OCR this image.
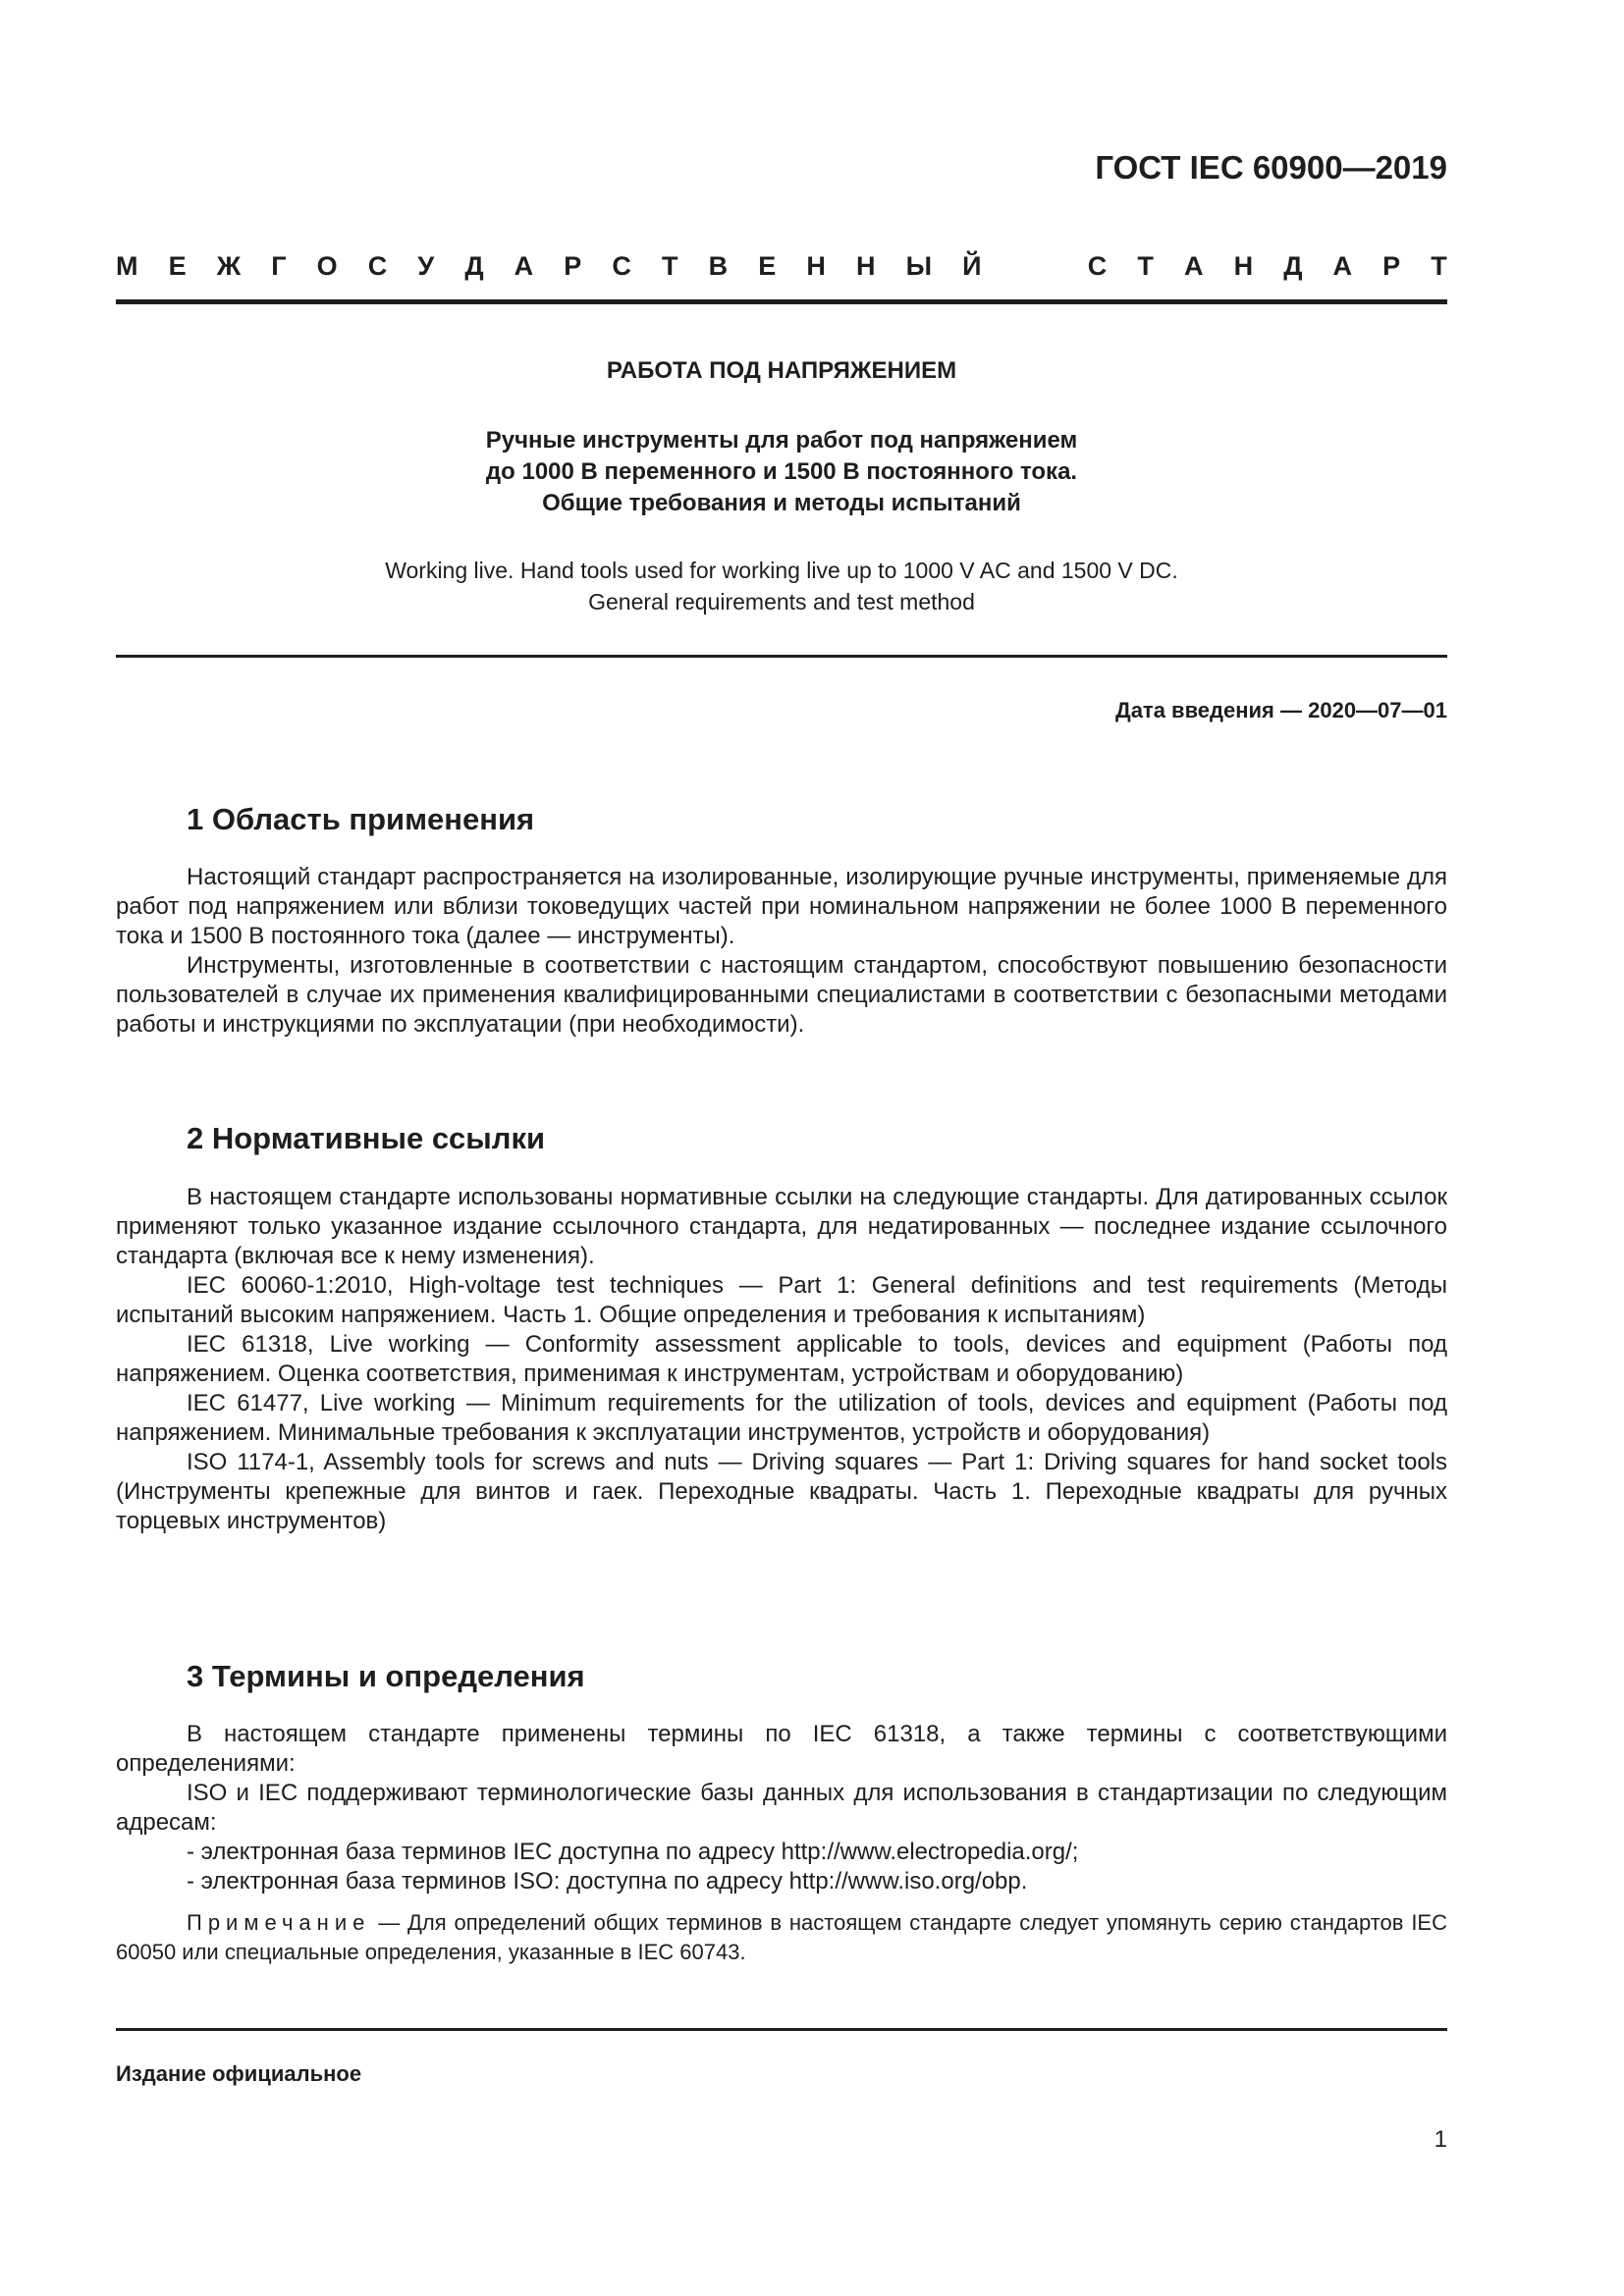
ГОСТ IEC 60900—2019
М Е Ж Г О С У Д А Р С Т В Е Н Н Ы Й	С Т А Н Д А Р Т
РАБОТА ПОД НАПРЯЖЕНИЕМ
Ручные инструменты для работ под напряжением
до 1000 В переменного и 1500 В постоянного тока.
Общие требования и методы испытаний
Working live. Hand tools used for working live up to 1000 V AC and 1500 V DC.
General requirements and test method
Дата введения — 2020—07—01
1 Область применения

Настоящий стандарт распространяется на изолированные, изолирующие ручные инструменты, применяемые для работ под напряжением или вблизи токоведущих частей при номинальном напряжении не более 1000 В переменного тока и 1500 В постоянного тока (далее — инструменты).

Инструменты, изготовленные в соответствии с настоящим стандартом, способствуют повышению безопасности пользователей в случае их применения квалифицированными специалистами в соответствии с безопасными методами работы и инструкциями по эксплуатации (при необходимости).

2 Нормативные ссылки

В настоящем стандарте использованы нормативные ссылки на следующие стандарты. Для датированных ссылок применяют только указанное издание ссылочного стандарта, для недатированных — последнее издание ссылочного стандарта (включая все к нему изменения).

IEC 60060-1:2010, High-voltage test techniques — Part 1: General definitions and test requirements (Методы испытаний высоким напряжением. Часть 1. Общие определения и требования к испытаниям)

IEC 61318, Live working — Conformity assessment applicable to tools, devices and equipment (Работы под напряжением. Оценка соответствия, применимая к инструментам, устройствам и оборудованию)

IEC 61477, Live working — Minimum requirements for the utilization of tools, devices and equipment (Работы под напряжением. Минимальные требования к эксплуатации инструментов, устройств и оборудования)

ISO 1174-1, Assembly tools for screws and nuts — Driving squares — Part 1: Driving squares for hand socket tools (Инструменты крепежные для винтов и гаек. Переходные квадраты. Часть 1. Переходные квадраты для ручных торцевых инструментов)

3 Термины и определения

В настоящем стандарте применены термины по IEC 61318, а также термины с соответствующими определениями:

ISO и IEC поддерживают терминологические базы данных для использования в стандартизации по следующим адресам:

- электронная база терминов IEC доступна по адресу http://www.electropedia.org/;

- электронная база терминов ISO: доступна по адресу http://www.iso.org/obp.

Примечание — Для определений общих терминов в настоящем стандарте следует упомянуть серию стандартов IEC 60050 или специальные определения, указанные в IEC 60743.

Издание официальное
1
